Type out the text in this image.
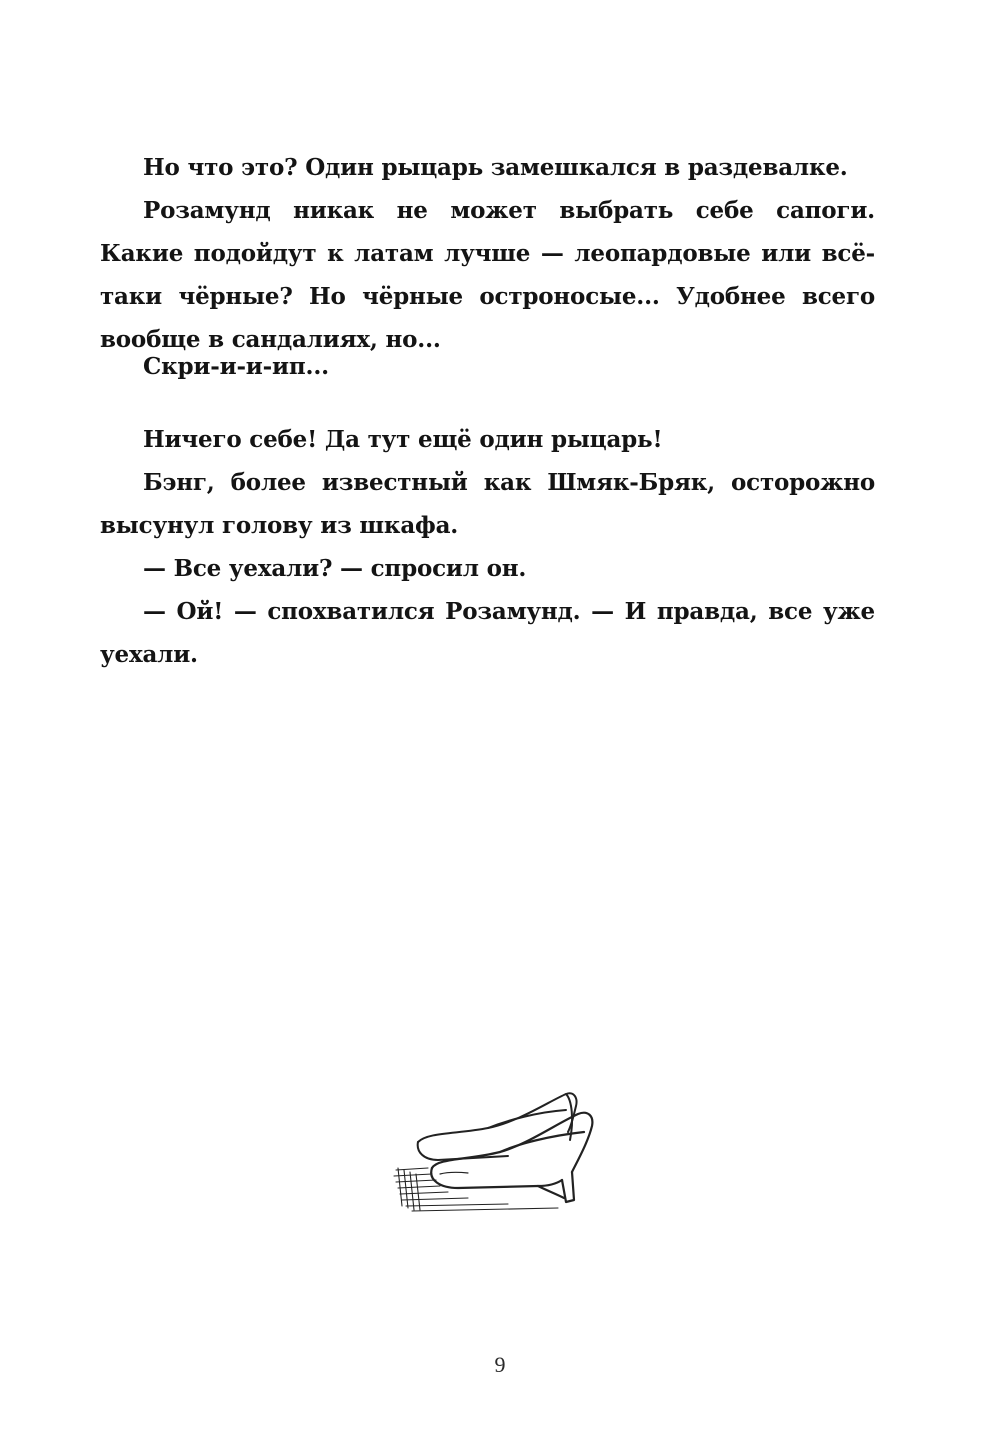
Но что это? Один рыцарь замешкался в раздевалке.

Розамунд никак не может выбрать себе сапоги. Какие подойдут к латам лучше — леопардовые или всё-таки чёрные? Но чёрные остроносые... Удобнее всего вообще в сандалиях, но...

Скри-и-и-ип...

Ничего себе! Да тут ещё один рыцарь!

Бэнг, более известный как Шмяк-Бряк, осторожно высунул голову из шкафа.

— Все уехали? — спросил он.

— Ой! — спохватился Розамунд. — И правда, все уже уехали.

9
